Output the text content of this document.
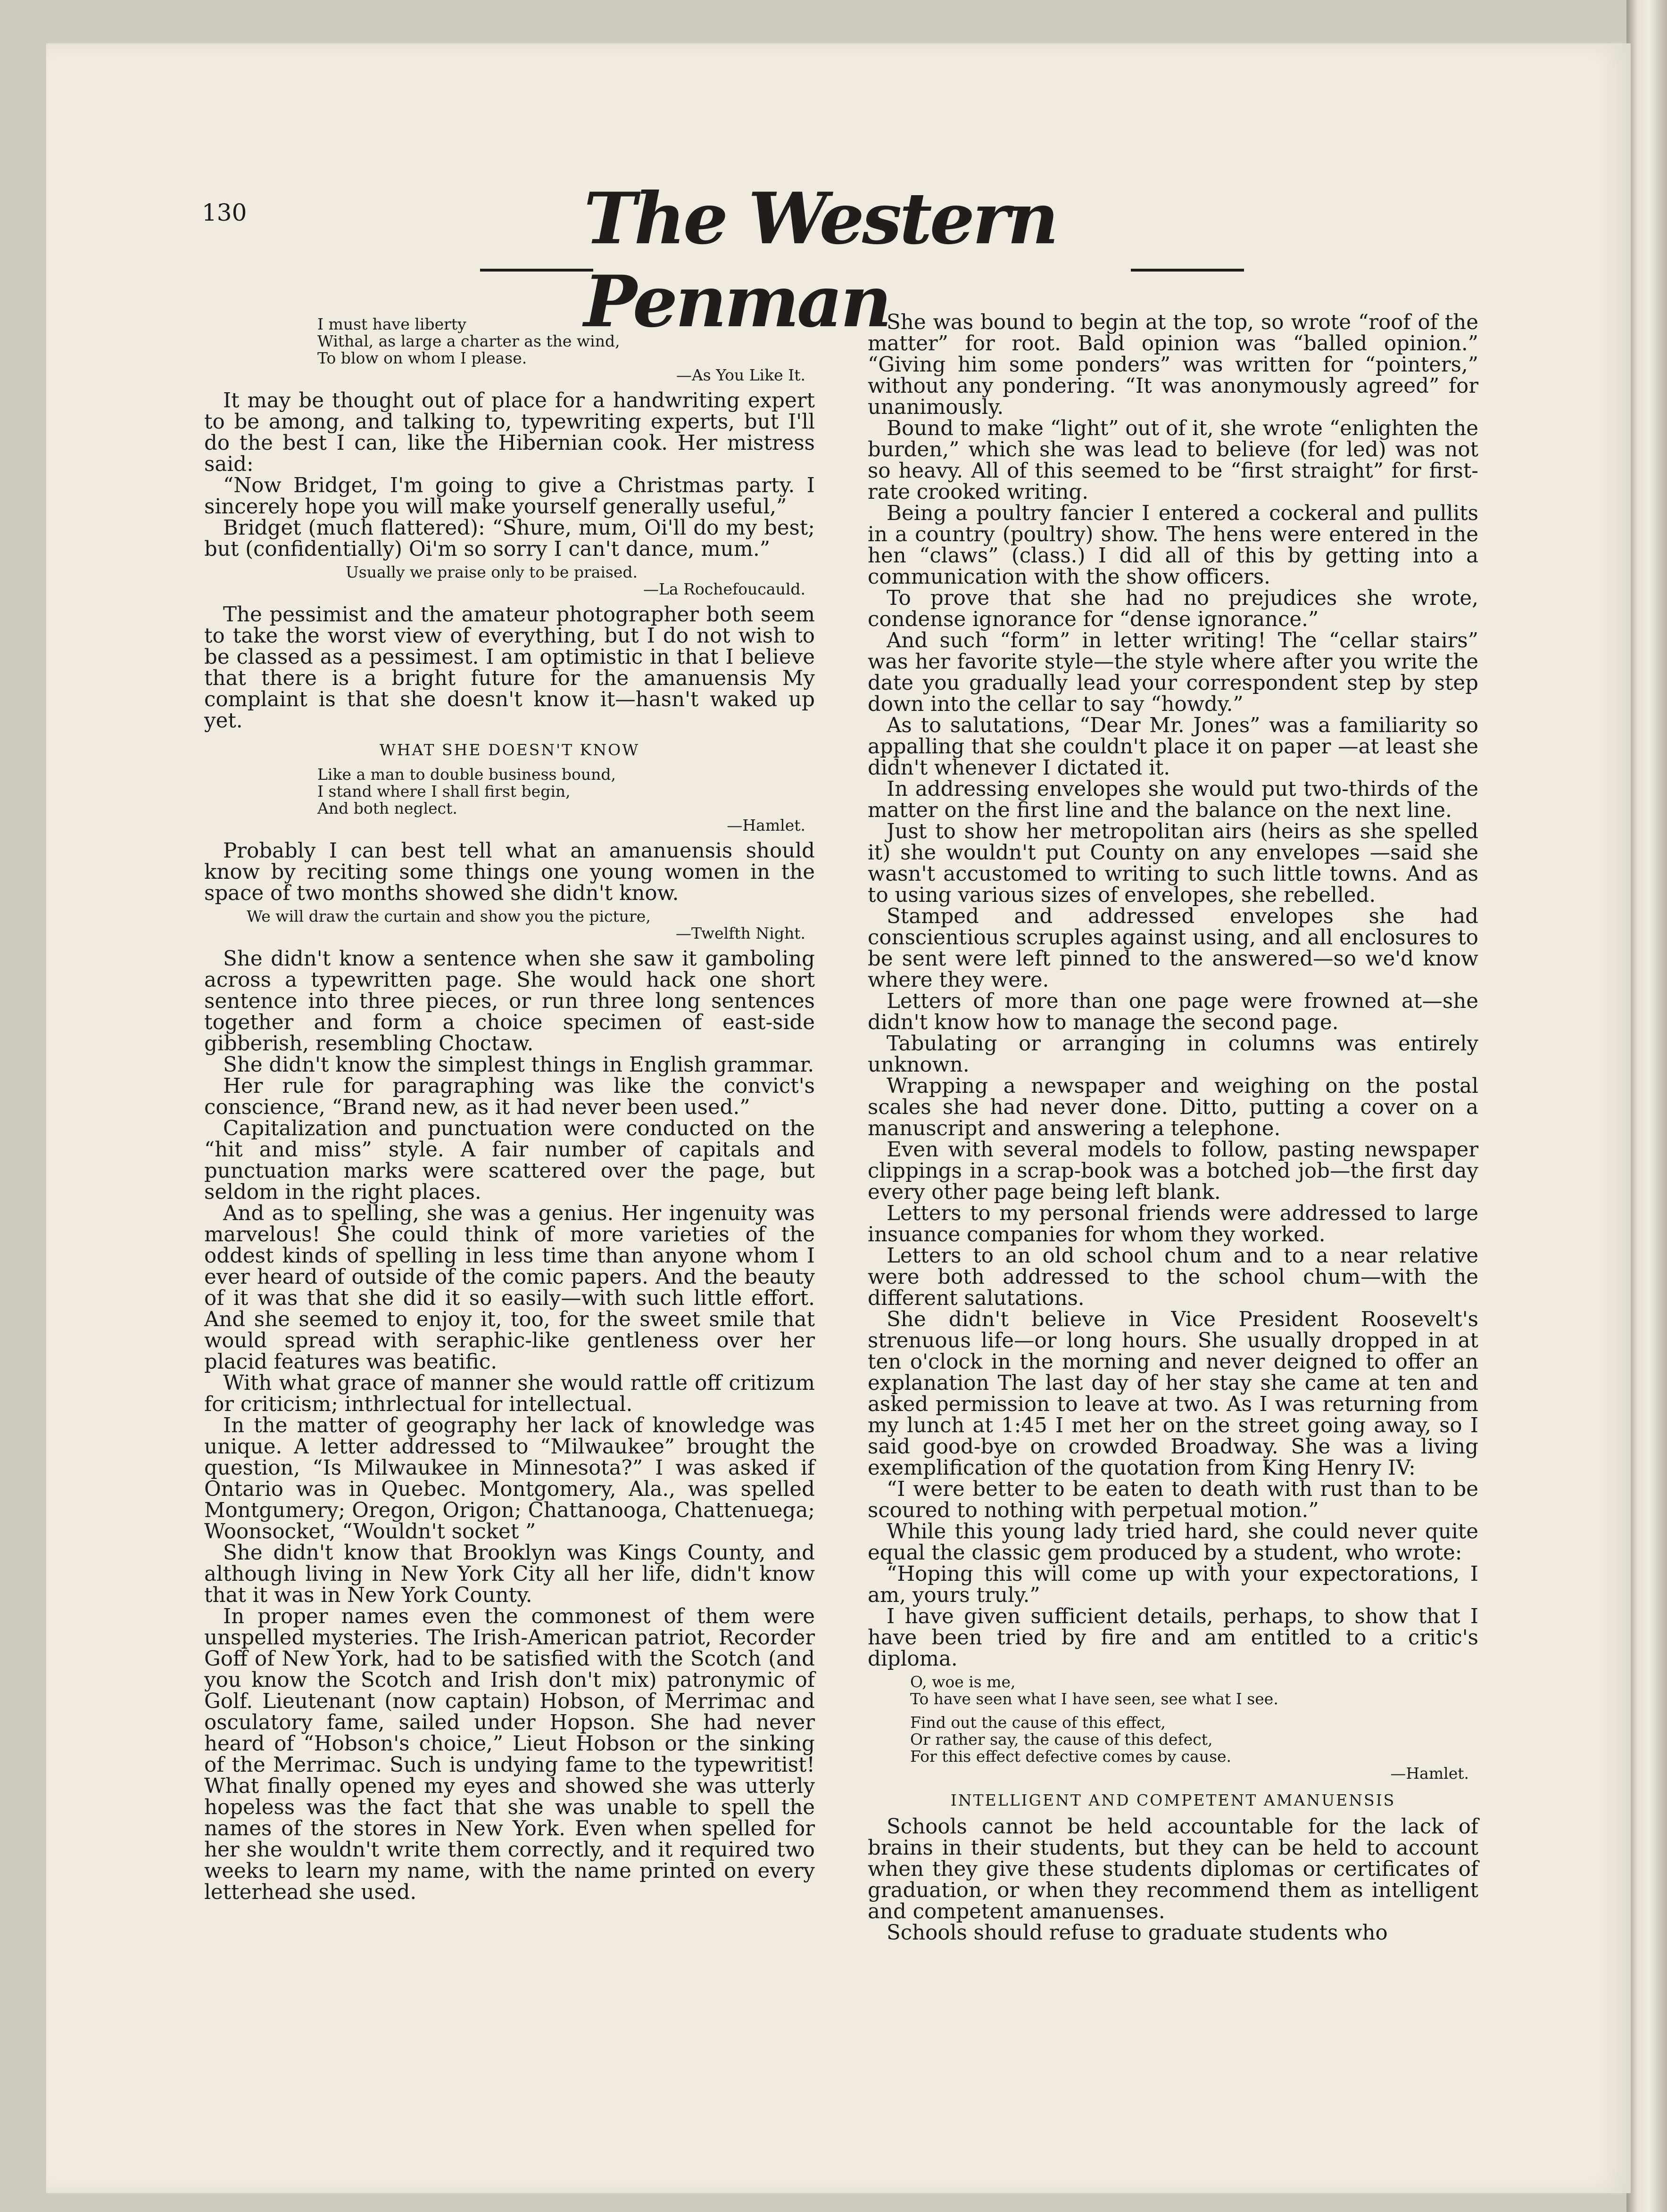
130	The Western Penman
I must have liberty
Withal, as large a charter as the wind,
To blow on whom I please.
—As You Like It.

It may be thought out of place for a handwriting expert to be among, and talking to, typewriting experts, but I'll do the best I can, like the Hibernian cook. Her mistress said:

“Now Bridget, I'm going to give a Christmas party. I sincerely hope you will make yourself generally useful,”

Bridget (much flattered): “Shure, mum, Oi'll do my best; but (confidentially) Oi'm so sorry I can't dance, mum.”

Usually we praise only to be praised.
—La Rochefoucauld.

The pessimist and the amateur photographer both seem to take the worst view of everything, but I do not wish to be classed as a pessimest. I am optimistic in that I believe that there is a bright future for the amanuensis My complaint is that she doesn't know it—hasn't waked up yet.

WHAT SHE DOESN'T KNOW
Like a man to double business bound,
I stand where I shall first begin,
And both neglect.
—Hamlet.

Probably I can best tell what an amanuensis should know by reciting some things one young women in the space of two months showed she didn't know.

We will draw the curtain and show you the picture,
—Twelfth Night.

She didn't know a sentence when she saw it gamboling across a typewritten page. She would hack one short sentence into three pieces, or run three long sentences together and form a choice specimen of east-side gibberish, resembling Choctaw.

She didn't know the simplest things in English grammar.

Her rule for paragraphing was like the convict's conscience, “Brand new, as it had never been used.”

Capitalization and punctuation were conducted on the “hit and miss” style. A fair number of capitals and punctuation marks were scattered over the page, but seldom in the right places.

And as to spelling, she was a genius. Her ingenuity was marvelous! She could think of more varieties of the oddest kinds of spelling in less time than anyone whom I ever heard of outside of the comic papers. And the beauty of it was that she did it so easily—with such little effort. And she seemed to enjoy it, too, for the sweet smile that would spread with seraphic-like gentleness over her placid features was beatific.

With what grace of manner she would rattle off critizum for criticism; inthrlectual for intellectual.

In the matter of geography her lack of knowledge was unique. A letter addressed to “Milwaukee” brought the question, “Is Milwaukee in Minnesota?” I was asked if Ontario was in Quebec. Montgomery, Ala., was spelled Montgumery; Oregon, Origon; Chattanooga, Chattenuega; Woonsocket, “Wouldn't socket ”

She didn't know that Brooklyn was Kings County, and although living in New York City all her life, didn't know that it was in New York County.

In proper names even the commonest of them were unspelled mysteries. The Irish-American patriot, Recorder Goff of New York, had to be satisfied with the Scotch (and you know the Scotch and Irish don't mix) patronymic of Golf. Lieutenant (now captain) Hobson, of Merrimac and osculatory fame, sailed under Hopson. She had never heard of “Hobson's choice,” Lieut Hobson or the sinking of the Merrimac. Such is undying fame to the typewritist! What finally opened my eyes and showed she was utterly hopeless was the fact that she was unable to spell the names of the stores in New York. Even when spelled for her she wouldn't write them correctly, and it required two weeks to learn my name, with the name printed on every letterhead she used.

She was bound to begin at the top, so wrote “roof of the matter” for root. Bald opinion was “balled opinion.” “Giving him some ponders” was written for “pointers,” without any pondering. “It was anonymously agreed” for unanimously.

Bound to make “light” out of it, she wrote “enlighten the burden,” which she was lead to believe (for led) was not so heavy. All of this seemed to be “first straight” for first-rate crooked writing.

Being a poultry fancier I entered a cockeral and pullits in a country (poultry) show. The hens were entered in the hen “claws” (class.) I did all of this by getting into a communication with the show officers.

To prove that she had no prejudices she wrote, condense ignorance for “dense ignorance.”

And such “form” in letter writing! The “cellar stairs” was her favorite style—the style where after you write the date you gradually lead your correspondent step by step down into the cellar to say “howdy.”

As to salutations, “Dear Mr. Jones” was a familiarity so appalling that she couldn't place it on paper —at least she didn't whenever I dictated it.

In addressing envelopes she would put two-thirds of the matter on the first line and the balance on the next line.

Just to show her metropolitan airs (heirs as she spelled it) she wouldn't put County on any envelopes —said she wasn't accustomed to writing to such little towns. And as to using various sizes of envelopes, she rebelled.

Stamped and addressed envelopes she had conscientious scruples against using, and all enclosures to be sent were left pinned to the answered—so we'd know where they were.

Letters of more than one page were frowned at—she didn't know how to manage the second page.

Tabulating or arranging in columns was entirely unknown.

Wrapping a newspaper and weighing on the postal scales she had never done. Ditto, putting a cover on a manuscript and answering a telephone.

Even with several models to follow, pasting newspaper clippings in a scrap-book was a botched job—the first day every other page being left blank.

Letters to my personal friends were addressed to large insuance companies for whom they worked.

Letters to an old school chum and to a near relative were both addressed to the school chum—with the different salutations.

She didn't believe in Vice President Roosevelt's strenuous life—or long hours. She usually dropped in at ten o'clock in the morning and never deigned to offer an explanation The last day of her stay she came at ten and asked permission to leave at two. As I was returning from my lunch at 1:45 I met her on the street going away, so I said good-bye on crowded Broadway. She was a living exemplification of the quotation from King Henry IV:

“I were better to be eaten to death with rust than to be scoured to nothing with perpetual motion.”

While this young lady tried hard, she could never quite equal the classic gem produced by a student, who wrote:

“Hoping this will come up with your expectorations, I am, yours truly.”

I have given sufficient details, perhaps, to show that I have been tried by fire and am entitled to a critic's diploma.

O, woe is me,
To have seen what I have seen, see what I see.
Find out the cause of this effect,
Or rather say, the cause of this defect,
For this effect defective comes by cause.
—Hamlet.
INTELLIGENT AND COMPETENT AMANUENSIS

Schools cannot be held accountable for the lack of brains in their students, but they can be held to account when they give these students diplomas or certificates of graduation, or when they recommend them as intelligent and competent amanuenses.

Schools should refuse to graduate students who
